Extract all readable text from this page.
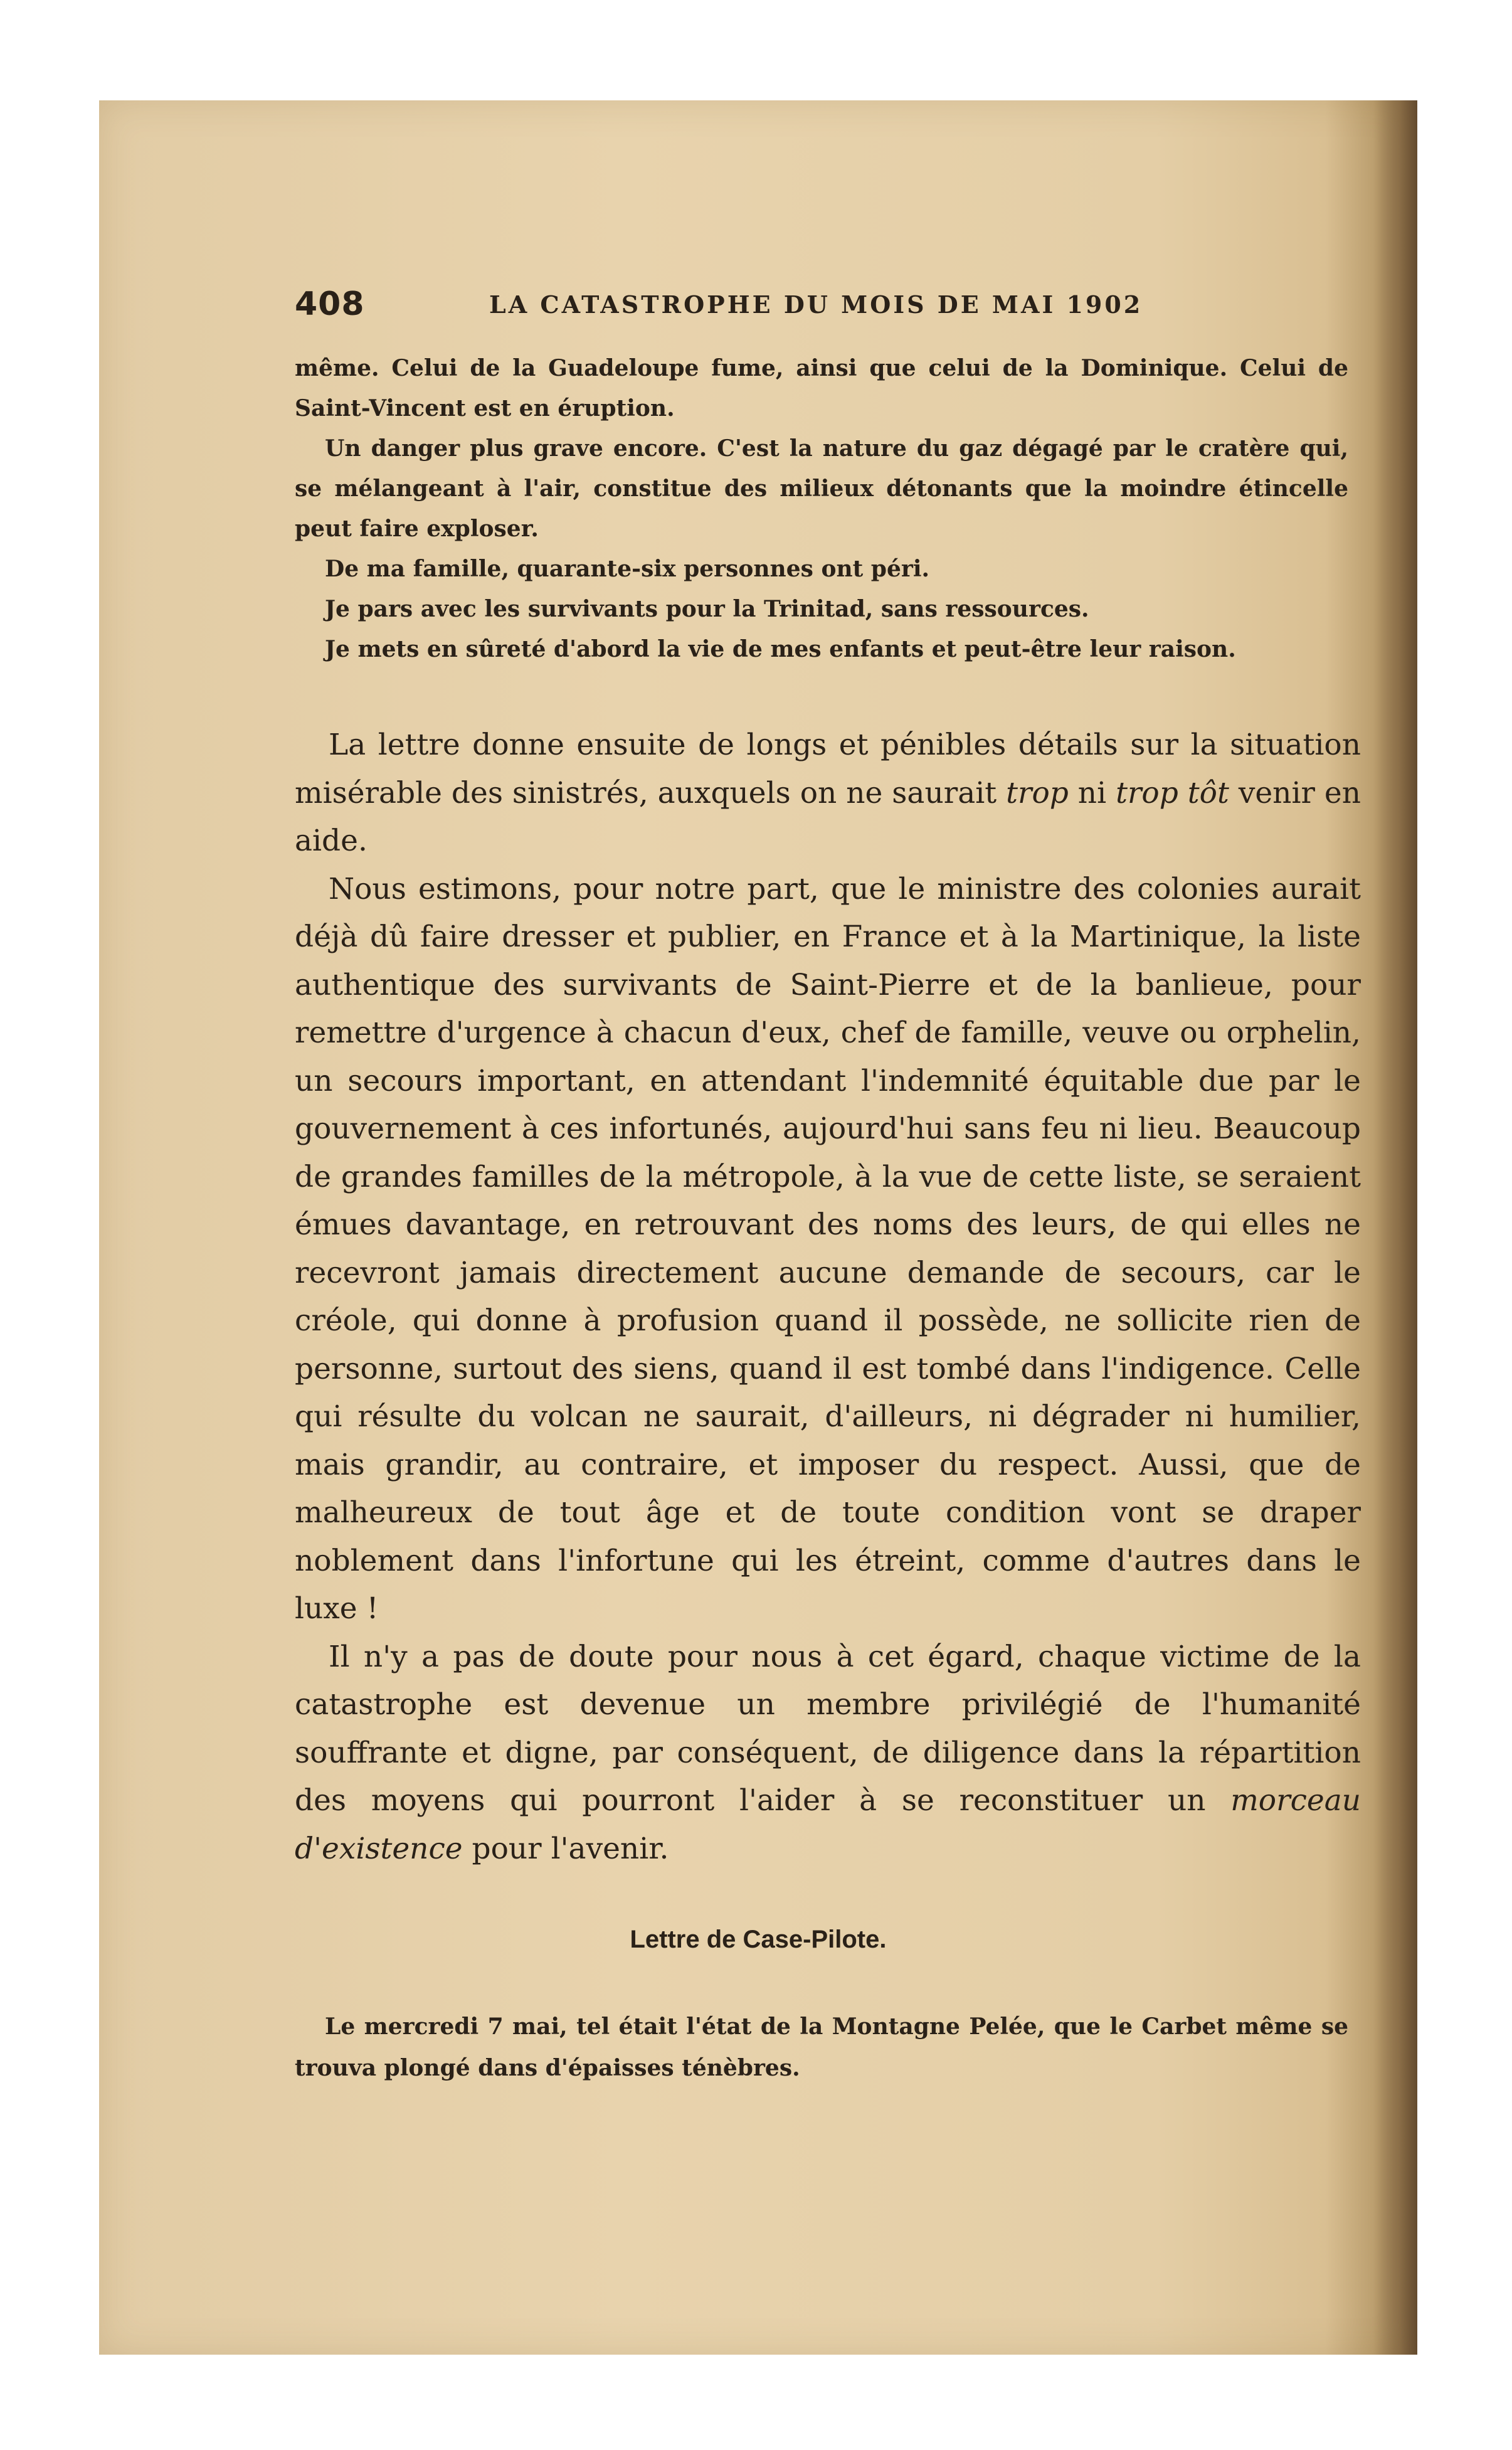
408	LA CATASTROPHE DU MOIS DE MAI 1902

même. Celui de la Guadeloupe fume, ainsi que celui de la Dominique. Celui de Saint-Vincent est en éruption.

Un danger plus grave encore. C'est la nature du gaz dégagé par le cratère qui, se mélangeant à l'air, constitue des milieux détonants que la moindre étincelle peut faire exploser.

De ma famille, quarante-six personnes ont péri.

Je pars avec les survivants pour la Trinitad, sans ressources.

Je mets en sûreté d'abord la vie de mes enfants et peut-être leur raison.

La lettre donne ensuite de longs et pénibles détails sur la situation misérable des sinistrés, auxquels on ne saurait trop ni trop tôt venir en aide.

Nous estimons, pour notre part, que le ministre des colonies aurait déjà dû faire dresser et publier, en France et à la Martinique, la liste authentique des survivants de Saint-Pierre et de la banlieue, pour remettre d'urgence à chacun d'eux, chef de famille, veuve ou orphelin, un secours important, en attendant l'indemnité équitable due par le gouvernement à ces infortunés, aujourd'hui sans feu ni lieu. Beaucoup de grandes familles de la métropole, à la vue de cette liste, se seraient émues davantage, en retrouvant des noms des leurs, de qui elles ne recevront jamais directement aucune demande de secours, car le créole, qui donne à profusion quand il possède, ne sollicite rien de personne, surtout des siens, quand il est tombé dans l'indigence. Celle qui résulte du volcan ne saurait, d'ailleurs, ni dégrader ni humilier, mais grandir, au contraire, et imposer du respect. Aussi, que de malheureux de tout âge et de toute condition vont se draper noblement dans l'infortune qui les étreint, comme d'autres dans le luxe !

Il n'y a pas de doute pour nous à cet égard, chaque victime de la catastrophe est devenue un membre privilégié de l'humanité souffrante et digne, par conséquent, de diligence dans la répartition des moyens qui pourront l'aider à se reconstituer un morceau d'existence pour l'avenir.

Lettre de Case-Pilote.

Le mercredi 7 mai, tel était l'état de la Montagne Pelée, que le Carbet même se trouva plongé dans d'épaisses ténèbres.
